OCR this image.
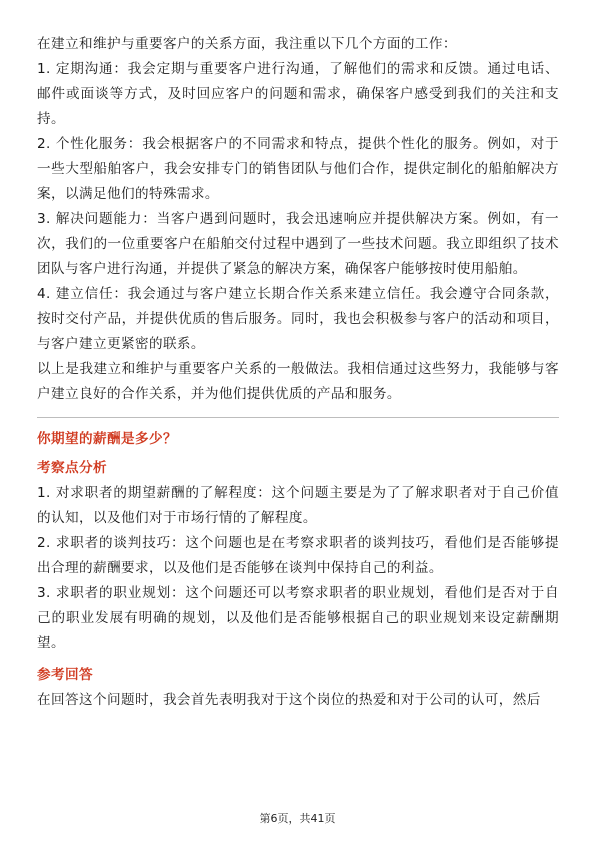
在建立和维护与重要客户的关系方面，我注重以下几个方面的工作：

1. 定期沟通：我会定期与重要客户进行沟通，了解他们的需求和反馈。通过电话、邮件或面谈等方式，及时回应客户的问题和需求，确保客户感受到我们的关注和支持。

2. 个性化服务：我会根据客户的不同需求和特点，提供个性化的服务。例如，对于一些大型船舶客户，我会安排专门的销售团队与他们合作，提供定制化的船舶解决方案，以满足他们的特殊需求。

3. 解决问题能力：当客户遇到问题时，我会迅速响应并提供解决方案。例如，有一次，我们的一位重要客户在船舶交付过程中遇到了一些技术问题。我立即组织了技术团队与客户进行沟通，并提供了紧急的解决方案，确保客户能够按时使用船舶。

4. 建立信任：我会通过与客户建立长期合作关系来建立信任。我会遵守合同条款，按时交付产品，并提供优质的售后服务。同时，我也会积极参与客户的活动和项目，与客户建立更紧密的联系。

以上是我建立和维护与重要客户关系的一般做法。我相信通过这些努力，我能够与客户建立良好的合作关系，并为他们提供优质的产品和服务。

你期望的薪酬是多少？
考察点分析

1. 对求职者的期望薪酬的了解程度：这个问题主要是为了了解求职者对于自己价值的认知，以及他们对于市场行情的了解程度。

2. 求职者的谈判技巧：这个问题也是在考察求职者的谈判技巧，看他们是否能够提出合理的薪酬要求，以及他们是否能够在谈判中保持自己的利益。

3. 求职者的职业规划：这个问题还可以考察求职者的职业规划，看他们是否对于自己的职业发展有明确的规划，以及他们是否能够根据自己的职业规划来设定薪酬期望。

参考回答

在回答这个问题时，我会首先表明我对于这个岗位的热爱和对于公司的认可，然后

第6页，共41页
